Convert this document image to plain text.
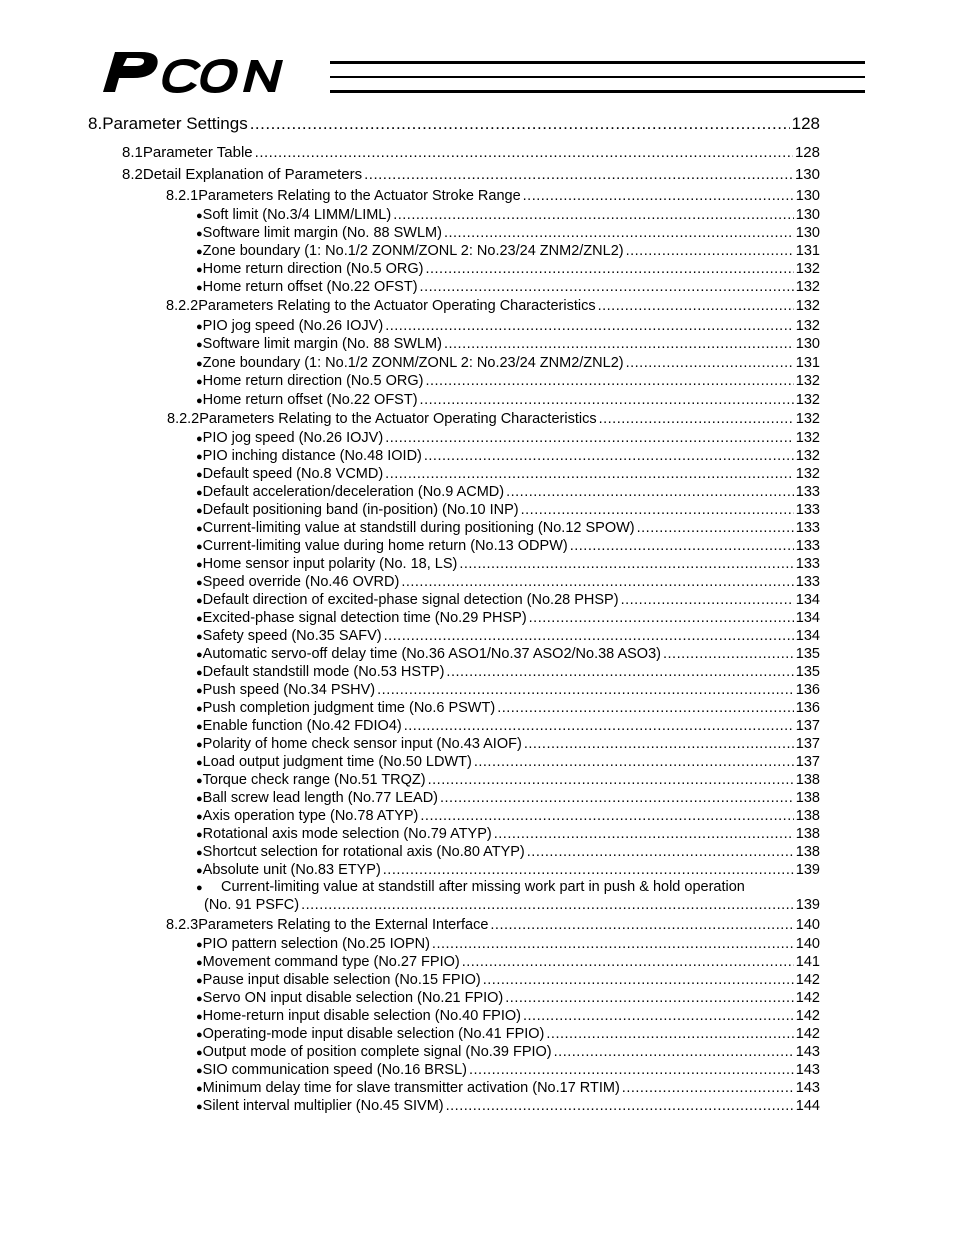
8. Parameter Settings .....	128
8.1 Parameter Table .....	128
8.2 Detail Explanation of Parameters .....	130
8.2.1 Parameters Relating to the Actuator Stroke Range .....	130
● Soft limit (No.3/4 LIMM/LIML) .....	130
● Software limit margin (No. 88 SWLM) .....	130
● Zone boundary (1: No.1/2 ZONM/ZONL 2: No.23/24 ZNM2/ZNL2) .....	131
● Home return direction (No.5 ORG) .....	132
● Home return offset (No.22 OFST) .....	132
8.2.2 Parameters Relating to the Actuator Operating Characteristics .....	132
● PIO jog speed (No.26 IOJV) .....	132
● Software limit margin (No. 88 SWLM) .....	130
● Zone boundary (1: No.1/2 ZONM/ZONL 2: No.23/24 ZNM2/ZNL2) .....	131
● Home return direction (No.5 ORG) .....	132
● Home return offset (No.22 OFST) .....	132
8.2.2 Parameters Relating to the Actuator Operating Characteristics .....	132
● PIO jog speed (No.26 IOJV) .....	132
● PIO inching distance (No.48 IOID) .....	132
● Default speed (No.8 VCMD) .....	132
● Default acceleration/deceleration (No.9 ACMD) .....	133
● Default positioning band (in-position) (No.10 INP) .....	133
● Current-limiting value at standstill during positioning (No.12 SPOW) .....	133
● Current-limiting value during home return (No.13 ODPW) .....	133
● Home sensor input polarity (No. 18, LS) .....	133
● Speed override (No.46 OVRD) .....	133
● Default direction of excited-phase signal detection (No.28 PHSP) .....	134
● Excited-phase signal detection time (No.29 PHSP) .....	134
● Safety speed (No.35 SAFV) .....	134
● Automatic servo-off delay time (No.36 ASO1/No.37 ASO2/No.38 ASO3) .....	135
● Default standstill mode (No.53 HSTP) .....	135
● Push speed (No.34 PSHV) .....	136
● Push completion judgment time (No.6 PSWT) .....	136
● Enable function (No.42 FDIO4) .....	137
● Polarity of home check sensor input (No.43 AIOF) .....	137
● Load output judgment time (No.50 LDWT) .....	137
● Torque check range (No.51 TRQZ) .....	138
● Ball screw lead length (No.77 LEAD) .....	138
● Axis operation type (No.78 ATYP) .....	138
● Rotational axis mode selection (No.79 ATYP) .....	138
● Shortcut selection for rotational axis (No.80 ATYP) .....	138
● Absolute unit (No.83 ETYP) .....	139
● Current-limiting value at standstill after missing work part in push & hold operation
(No. 91 PSFC) .....	139
8.2.3 Parameters Relating to the External Interface .....	140
● PIO pattern selection (No.25 IOPN) .....	140
● Movement command type (No.27 FPIO) .....	141
● Pause input disable selection (No.15 FPIO) .....	142
● Servo ON input disable selection (No.21 FPIO) .....	142
● Home-return input disable selection (No.40 FPIO) .....	142
● Operating-mode input disable selection (No.41 FPIO) .....	142
● Output mode of position complete signal (No.39 FPIO) .....	143
● SIO communication speed (No.16 BRSL) .....	143
● Minimum delay time for slave transmitter activation (No.17 RTIM) .....	143
● Silent interval multiplier (No.45 SIVM) .....	144
